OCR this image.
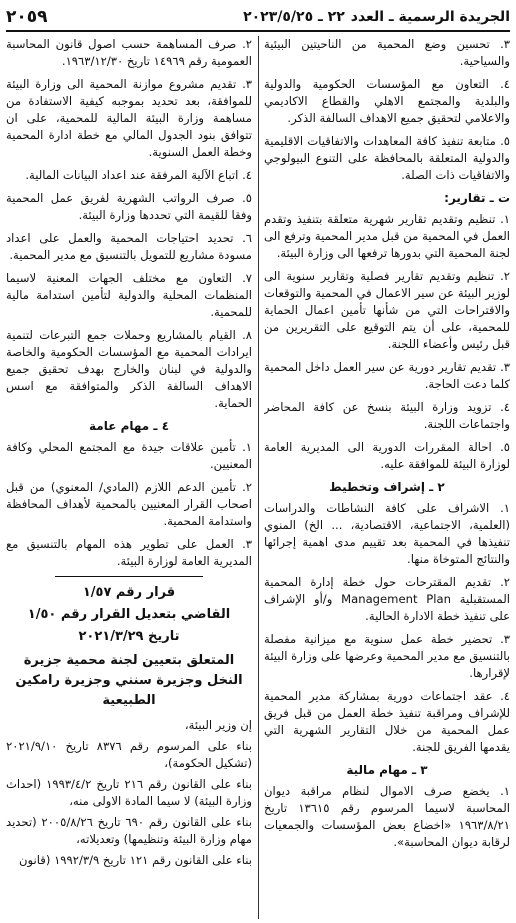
الجريدة الرسمية ـ العدد
٢٢ ـ ٢٠٢٣/٥/٢٥
٢٠٥٩

٣. تحسين وضع المحمية من الناحيتين البيئية والسياحية.

٤. التعاون مع المؤسسات الحكومية والدولية والبلدية والمجتمع الاهلي والقطاع الاكاديمي والاعلامي لتحقيق جميع الاهداف السالفة الذكر.

٥. متابعة تنفيذ كافة المعاهدات والاتفاقيات الاقليمية والدولية المتعلقة بالمحافظة على التنوع البيولوجي والاتفاقيات ذات الصلة.

ت ـ تقارير:

١. تنظيم وتقديم تقارير شهرية متعلقة بتنفيذ وتقدم العمل في المحمية من قبل مدير المحمية وترفع الى لجنة المحمية التي بدورها ترفعها الى وزارة البيئة.

٢. تنظيم وتقديم تقارير فصلية وتقارير سنوية الى لوزير البيئة عن سير الاعمال في المحمية والتوقعات والاقتراحات التي من شأنها تأمين اعمال الحماية للمحمية، على أن يتم التوقيع على التقريرين من قبل رئيس وأعضاء اللجنة.

٣. تقديم تقارير دورية عن سير العمل داخل المحمية كلما دعت الحاجة.

٤. تزويد وزارة البيئة بنسخ عن كافة المحاضر واجتماعات اللجنة.

٥. احالة المقررات الدورية الى المديرية العامة لوزارة البيئة للموافقة عليه.

٢ ـ إشراف وتخطيط

١. الاشراف على كافة النشاطات والدراسات (العلمية، الاجتماعية، الاقتصادية، ... الخ) المنوي تنفيذها في المحمية بعد تقييم مدى اهمية إجرائها والنتائج المتوخاة منها.

٢. تقديم المقترحات حول خطة إدارة المحمية المستقبلية Management Plan و/أو الإشراف على تنفيذ خطة الادارة الحالية.

٣. تحضير خطة عمل سنوية مع ميزانية مفصلة بالتنسيق مع مدير المحمية وعرضها على وزارة البيئة لإقرارها.

٤. عقد اجتماعات دورية بمشاركة مدير المحمية للإشراف ومراقبة تنفيذ خطة العمل من قبل فريق عمل المحمية من خلال التقارير الشهرية التي يقدمها الفريق للجنة.

٣ ـ مهام مالية

١. يخضع صرف الاموال لنظام مراقبة ديوان المحاسبة لاسيما المرسوم رقم ١٣٦١٥ تاريخ ١٩٦٣/٨/٢١ «اخضاع بعض المؤسسات والجمعيات لرقابة ديوان المحاسبة».

٢. صرف المساهمة حسب اصول قانون المحاسبة العمومية رقم ١٤٩٦٩ تاريخ ١٩٦٣/١٢/٣٠.

٣. تقديم مشروع موازنة المحمية الى وزارة البيئة للموافقة، بعد تحديد بموجبه كيفية الاستفادة من مساهمة وزارة البيئة المالية للمحمية، على ان تتوافق بنود الجدول المالي مع خطة ادارة المحمية وخطة العمل السنوية.

٤. اتباع الآلية المرفقة عند اعداد البيانات المالية.

٥. صرف الرواتب الشهرية لفريق عمل المحمية وفقا للقيمة التي تحددها وزارة البيئة.

٦. تحديد احتياجات المحمية والعمل على اعداد مسودة مشاريع للتمويل بالتنسيق مع مدير المحمية.

٧. التعاون مع مختلف الجهات المعنية لاسيما المنظمات المحلية والدولية لتأمين استدامة مالية للمحمية.

٨. القيام بالمشاريع وحملات جمع التبرعات لتنمية ايرادات المحمية مع المؤسسات الحكومية والخاصة والدولية في لبنان والخارج بهدف تحقيق جميع الاهداف السالفة الذكر والمتوافقة مع اسس الحماية.

٤ ـ مهام عامة

١. تأمين علاقات جيدة مع المجتمع المحلي وكافة المعنيين.

٢. تأمين الدعم اللازم (المادي/ المعنوي) من قبل اصحاب القرار المعنيين بالمحمية لأهداف المحافظة واستدامة المحمية.

٣. العمل على تطوير هذه المهام بالتنسيق مع المديرية العامة لوزارة البيئة.

قرار رقم ١/٥٧
القاضي بتعديل القرار رقم ١/٥٠
تاريخ ٢٠٢١/٣/٢٩
المتعلق بتعيين لجنة محمية جزيرة النخل وجزيرة سنني وجزيرة رامكين الطبيعية

إن وزير البيئة،

بناء على المرسوم رقم ٨٣٧٦ تاريخ ٢٠٢١/٩/١٠ (تشكيل الحكومة)،

بناء على القانون رقم ٢١٦ تاريخ ١٩٩٣/٤/٢ (احداث وزارة البيئة) لا سيما المادة الاولى منه،

بناء على القانون رقم ٦٩٠ تاريخ ٢٠٠٥/٨/٢٦ (تحديد مهام وزارة البيئة وتنظيمها) وتعديلاته،

بناء على القانون رقم ١٢١ تاريخ ١٩٩٢/٣/٩ (قانون
